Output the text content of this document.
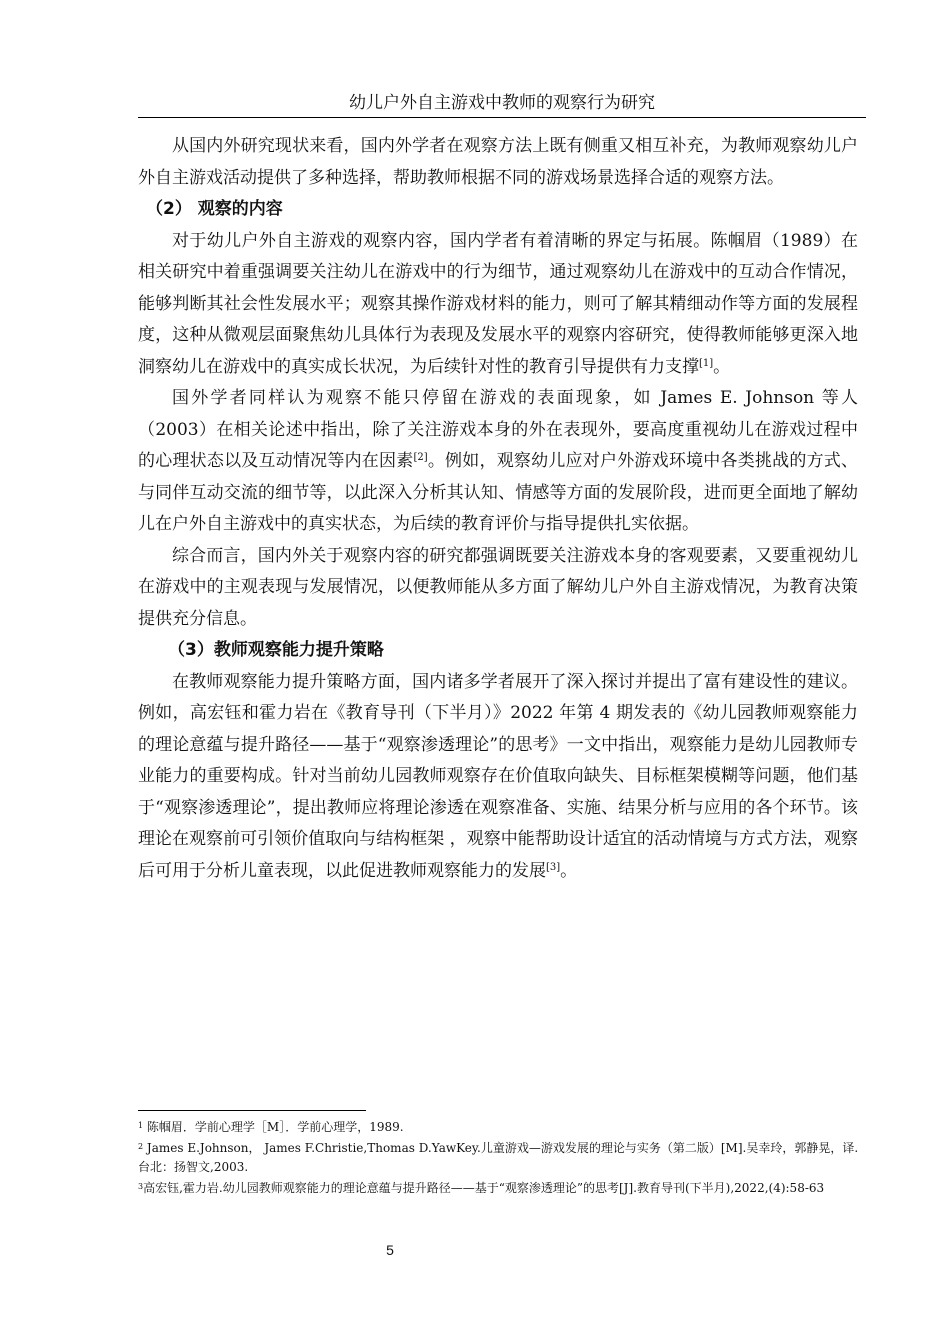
幼儿户外自主游戏中教师的观察行为研究

从国内外研究现状来看，国内外学者在观察方法上既有侧重又相互补充，为教师观察幼儿户外自主游戏活动提供了多种选择，帮助教师根据不同的游戏场景选择合适的观察方法。

（2） 观察的内容

对于幼儿户外自主游戏的观察内容，国内学者有着清晰的界定与拓展。陈帼眉（1989）在相关研究中着重强调要关注幼儿在游戏中的行为细节，通过观察幼儿在游戏中的互动合作情况，能够判断其社会性发展水平；观察其操作游戏材料的能力，则可了解其精细动作等方面的发展程度，这种从微观层面聚焦幼儿具体行为表现及发展水平的观察内容研究，使得教师能够更深入地洞察幼儿在游戏中的真实成长状况，为后续针对性的教育引导提供有力支撑[1]。

国外学者同样认为观察不能只停留在游戏的表面现象，如 James E. Johnson 等人（2003）在相关论述中指出，除了关注游戏本身的外在表现外，要高度重视幼儿在游戏过程中的心理状态以及互动情况等内在因素[2]。例如，观察幼儿应对户外游戏环境中各类挑战的方式、与同伴互动交流的细节等，以此深入分析其认知、情感等方面的发展阶段，进而更全面地了解幼儿在户外自主游戏中的真实状态，为后续的教育评价与指导提供扎实依据。

综合而言，国内外关于观察内容的研究都强调既要关注游戏本身的客观要素，又要重视幼儿在游戏中的主观表现与发展情况，以便教师能从多方面了解幼儿户外自主游戏情况，为教育决策提供充分信息。

（3）教师观察能力提升策略

在教师观察能力提升策略方面，国内诸多学者展开了深入探讨并提出了富有建设性的建议。例如，高宏钰和霍力岩在《教育导刊（下半月）》2022 年第 4 期发表的《幼儿园教师观察能力的理论意蕴与提升路径——基于“观察渗透理论”的思考》一文中指出，观察能力是幼儿园教师专业能力的重要构成。针对当前幼儿园教师观察存在价值取向缺失、目标框架模糊等问题，他们基于“观察渗透理论”，提出教师应将理论渗透在观察准备、实施、结果分析与应用的各个环节。该理论在观察前可引领价值取向与结构框架 ，观察中能帮助设计适宜的活动情境与方式方法，观察后可用于分析儿童表现，以此促进教师观察能力的发展[3]。

$^1$ 陈帼眉．学前心理学［M］．学前心理学，1989.
$^2$ James E.Johnson， James F.Christie,Thomas D.YawKey.儿童游戏—游戏发展的理论与实务（第二版）[M].吴幸玲，郭静晃，译.台北：扬智文,2003.
$^3$高宏钰,霍力岩.幼儿园教师观察能力的理论意蕴与提升路径——基于“观察渗透理论”的思考[J].教育导刊(下半月),2022,(4):58-63
5
